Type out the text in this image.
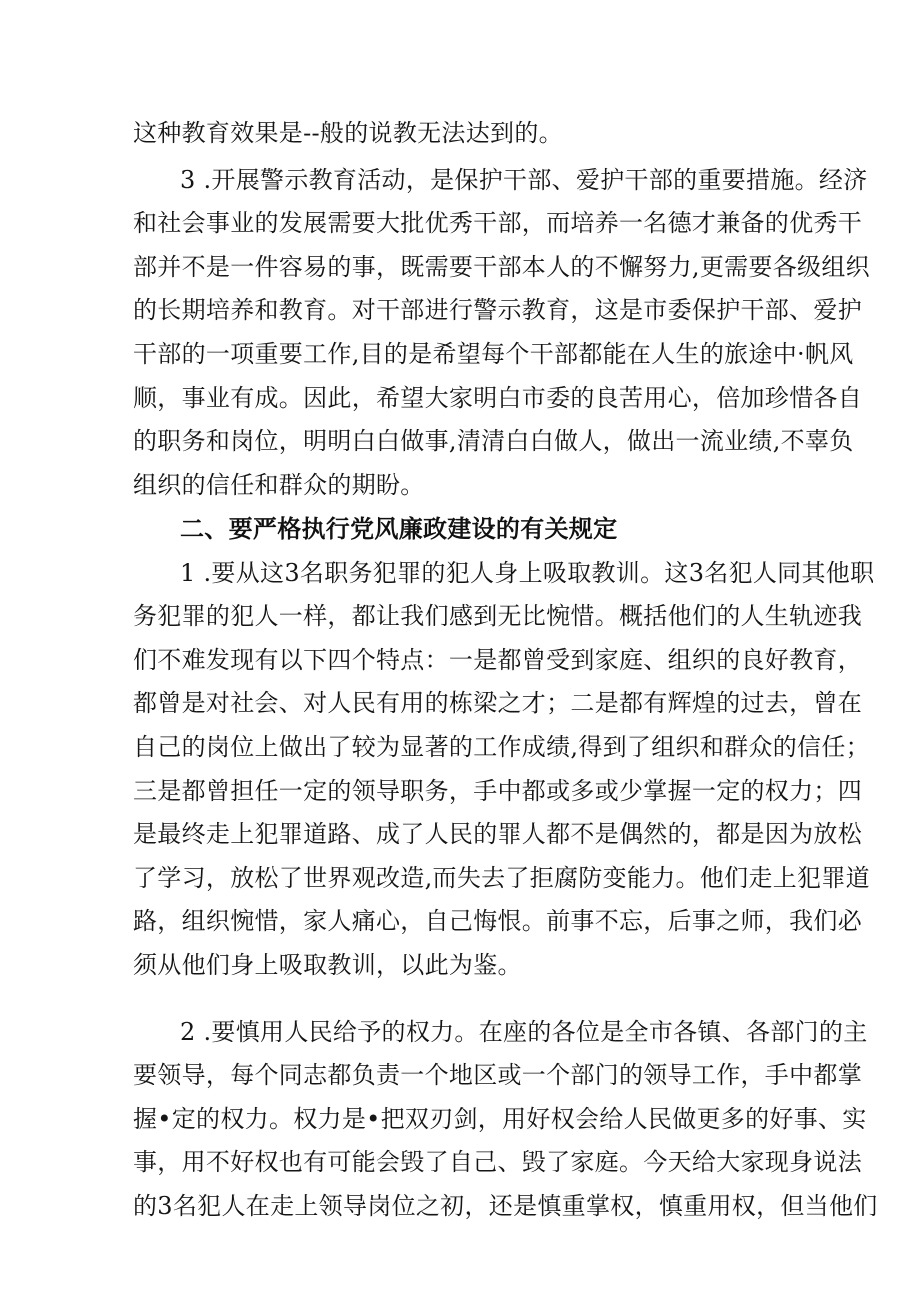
这种教育效果是--般的说教无法达到的。
3 .开展警示教育活动，是保护干部、爱护干部的重要措施。经济
和社会事业的发展需要大批优秀干部，而培养一名德才兼备的优秀干
部并不是一件容易的事，既需要干部本人的不懈努力,更需要各级组织
的长期培养和教育。对干部进行警示教育，这是市委保护干部、爱护
干部的一项重要工作,目的是希望每个干部都能在人生的旅途中·帆风
顺，事业有成。因此，希望大家明白市委的良苦用心，倍加珍惜各自
的职务和岗位，明明白白做事,清清白白做人，做出一流业绩,不辜负
组织的信任和群众的期盼。
二、要严格执行党风廉政建设的有关规定
1 .要从这3名职务犯罪的犯人身上吸取教训。这3名犯人同其他职
务犯罪的犯人一样，都让我们感到无比惋惜。概括他们的人生轨迹我
们不难发现有以下四个特点：一是都曾受到家庭、组织的良好教育，
都曾是对社会、对人民有用的栋梁之才；二是都有辉煌的过去，曾在
自己的岗位上做出了较为显著的工作成绩,得到了组织和群众的信任；
三是都曾担任一定的领导职务，手中都或多或少掌握一定的权力；四
是最终走上犯罪道路、成了人民的罪人都不是偶然的，都是因为放松
了学习，放松了世界观改造,而失去了拒腐防变能力。他们走上犯罪道
路，组织惋惜，家人痛心，自己悔恨。前事不忘，后事之师，我们必
须从他们身上吸取教训，以此为鉴。
2 .要慎用人民给予的权力。在座的各位是全市各镇、各部门的主
要领导，每个同志都负责一个地区或一个部门的领导工作，手中都掌
握•定的权力。权力是•把双刃剑，用好权会给人民做更多的好事、实
事，用不好权也有可能会毁了自己、毁了家庭。今天给大家现身说法
的3名犯人在走上领导岗位之初，还是慎重掌权，慎重用权，但当他们
